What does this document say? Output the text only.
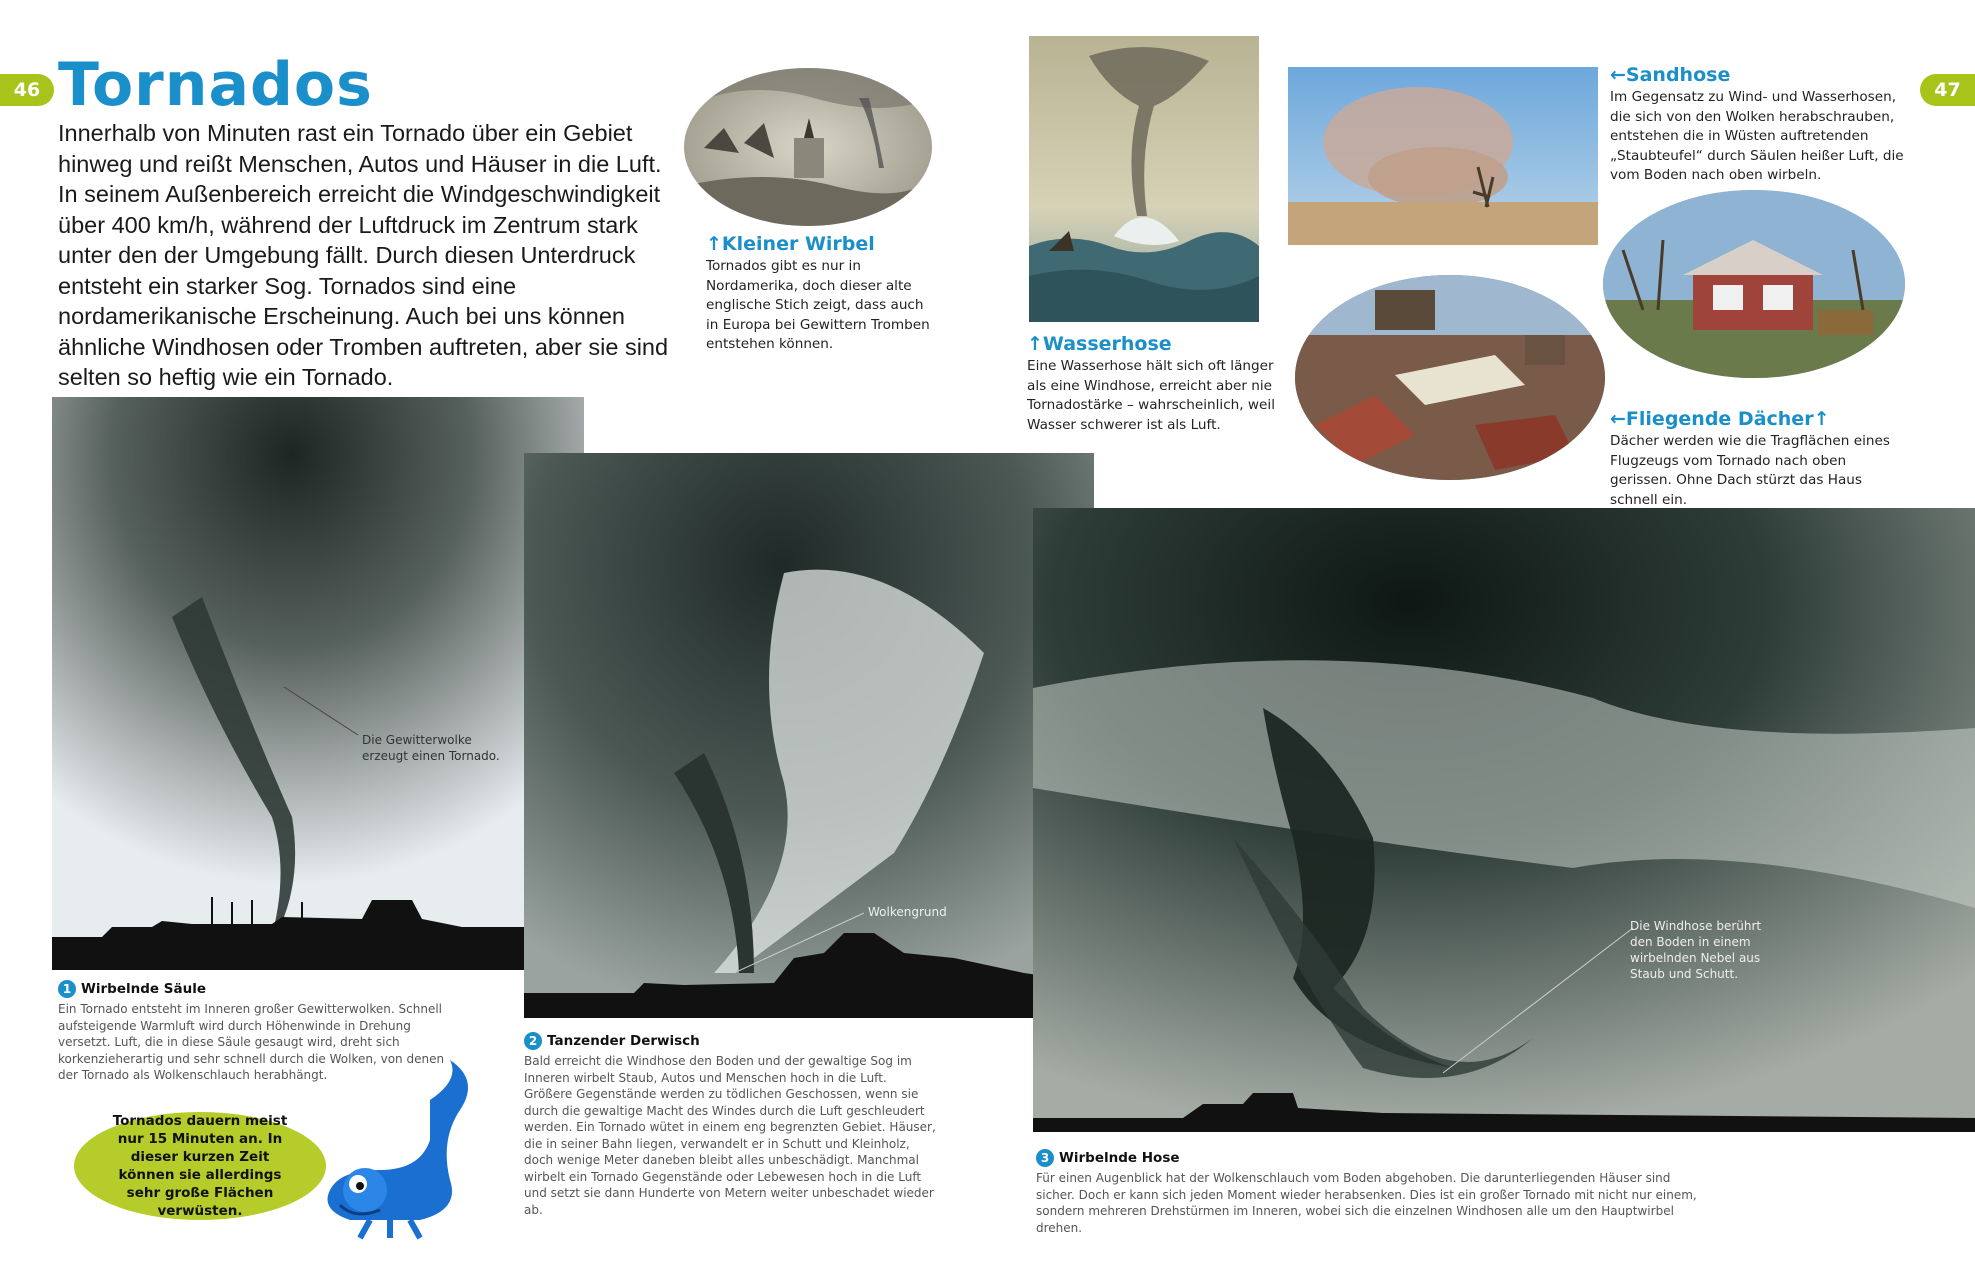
46	47
Tornados
Innerhalb von Minuten rast ein Tornado über ein Gebiet hinweg und reißt Menschen, Autos und Häuser in die Luft. In seinem Außenbereich erreicht die Windgeschwindigkeit über 400 km/h, während der Luftdruck im Zentrum stark unter den der Umgebung fällt. Durch diesen Unterdruck entsteht ein starker Sog. Tornados sind eine nordamerikanische Erscheinung. Auch bei uns können ähnliche Windhosen oder Tromben auftreten, aber sie sind selten so heftig wie ein Tornado.
↑Kleiner Wirbel
Tornados gibt es nur in Nordamerika, doch dieser alte englische Stich zeigt, dass auch in Europa bei Gewittern Tromben entstehen können.	↑Wasserhose
Eine Wasserhose hält sich oft länger als eine Windhose, erreicht aber nie Tornadostärke – wahrscheinlich, weil Wasser schwerer ist als Luft.
←Sandhose
Im Gegensatz zu Wind- und Wasserhosen, die sich von den Wolken herabschrauben, entstehen die in Wüsten auftretenden „Staubteufel“ durch Säulen heißer Luft, die vom Boden nach oben wirbeln.
←Fliegende Dächer↑
Dächer werden wie die Tragflächen eines Flugzeugs vom Tornado nach oben gerissen. Ohne Dach stürzt das Haus schnell ein.
Die Gewitterwolke erzeugt einen Tornado.
1 Wirbelnde Säule
Ein Tornado entsteht im Inneren großer Gewitterwolken. Schnell aufsteigende Warmluft wird durch Höhenwinde in Drehung versetzt. Luft, die in diese Säule gesaugt wird, dreht sich korkenzieherartig und sehr schnell durch die Wolken, von denen der Tornado als Wolkenschlauch herabhängt.
Wolkengrund
2 Tanzender Derwisch
Bald erreicht die Windhose den Boden und der gewaltige Sog im Inneren wirbelt Staub, Autos und Menschen hoch in die Luft. Größere Gegenstände werden zu tödlichen Geschossen, wenn sie durch die gewaltige Macht des Windes durch die Luft geschleudert werden. Ein Tornado wütet in einem eng begrenzten Gebiet. Häuser, die in seiner Bahn liegen, verwandelt er in Schutt und Kleinholz, doch wenige Meter daneben bleibt alles unbeschädigt. Manchmal wirbelt ein Tornado Gegenstände oder Lebewesen hoch in die Luft und setzt sie dann Hunderte von Metern weiter unbeschadet wieder ab.
Die Windhose berührt den Boden in einem wirbelnden Nebel aus Staub und Schutt.
3 Wirbelnde Hose
Für einen Augenblick hat der Wolkenschlauch vom Boden abgehoben. Die darunterliegenden Häuser sind sicher. Doch er kann sich jeden Moment wieder herabsenken. Dies ist ein großer Tornado mit nicht nur einem, sondern mehreren Drehstürmen im Inneren, wobei sich die einzelnen Windhosen alle um den Hauptwirbel drehen.
Tornados dauern meist nur 15 Minuten an. In dieser kurzen Zeit können sie allerdings sehr große Flächen verwüsten.
